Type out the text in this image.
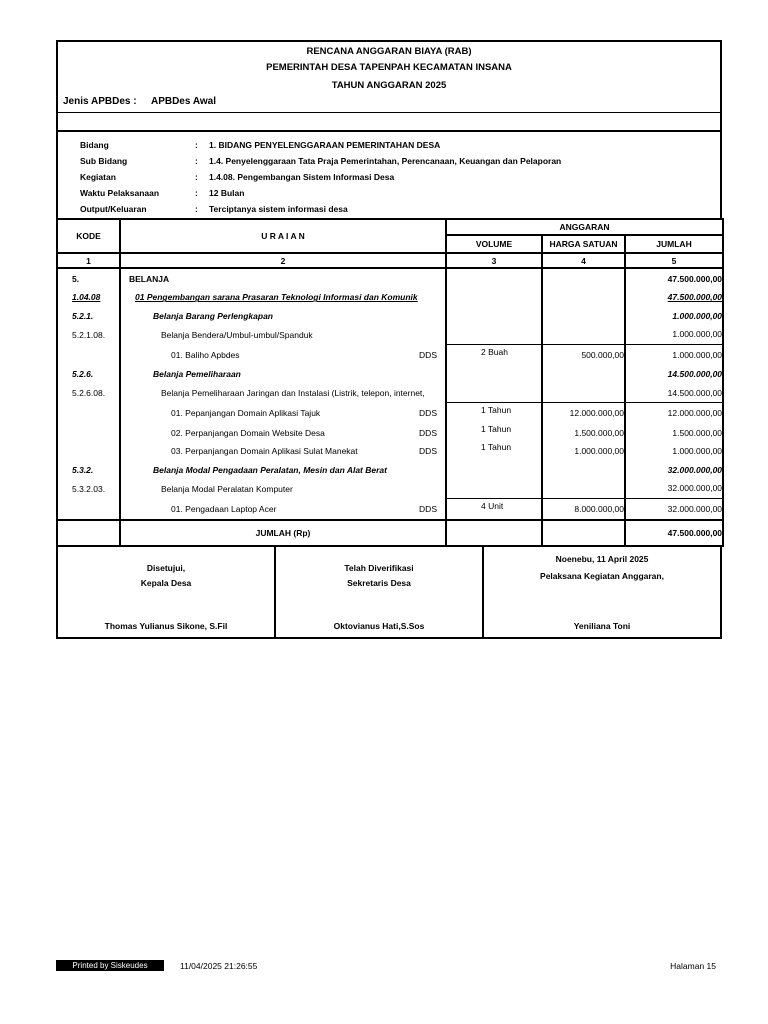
RENCANA ANGGARAN BIAYA (RAB)
PEMERINTAH DESA TAPENPAH KECAMATAN INSANA
TAHUN ANGGARAN 2025
Jenis APBDes : APBDes Awal
Bidang	:	1. BIDANG PENYELENGGARAAN PEMERINTAHAN DESA
Sub Bidang	:	1.4. Penyelenggaraan Tata Praja Pemerintahan, Perencanaan, Keuangan dan Pelaporan
Kegiatan	:	1.4.08. Pengembangan Sistem Informasi Desa
Waktu Pelaksanaan	:	12 Bulan
Output/Keluaran	:	Terciptanya sistem informasi desa
KODE	U R A I A N	ANGGARAN		
		VOLUME	HARGA SATUAN	JUMLAH
1	2	3	4	5
5.	BELANJA			47.500.000,00
1.04.08	01 Pengembangan sarana Prasaran Teknologi Informasi dan Komunik			47.500.000,00
5.2.1.	Belanja Barang Perlengkapan			1.000.000,00
5.2.1.08.	Belanja Bendera/Umbul-umbul/Spanduk			1.000.000,00
	01. Baliho Apbdes DDS	2 Buah	500.000,00	1.000.000,00
5.2.6.	Belanja Pemeliharaan			14.500.000,00
5.2.6.08.	Belanja Pemeliharaan Jaringan dan Instalasi (Listrik, telepon, internet,			14.500.000,00
	01. Pepanjangan Domain Aplikasi Tajuk DDS	1 Tahun	12.000.000,00	12.000.000,00
	02. Perpanjangan Domain Website Desa DDS	1 Tahun	1.500.000,00	1.500.000,00
	03. Perpanjangan Domain Aplikasi Sulat Manekat DDS	1 Tahun	1.000.000,00	1.000.000,00
5.3.2.	Belanja Modal Pengadaan Peralatan, Mesin dan Alat Berat			32.000.000,00
5.3.2.03.	Belanja Modal Peralatan Komputer			32.000.000,00
	01. Pengadaan Laptop Acer DDS	4 Unit	8.000.000,00	32.000.000,00
	JUMLAH (Rp)			47.500.000,00
Disetujui,
Kepala Desa
Thomas Yulianus Sikone, S.Fil
Telah Diverifikasi
Sekretaris Desa
Oktovianus Hati,S.Sos
Noenebu, 11 April 2025
Pelaksana Kegiatan Anggaran,
Yeniliana Toni
Printed by Siskeudes	11/04/2025 21:26:55	Halaman 15
